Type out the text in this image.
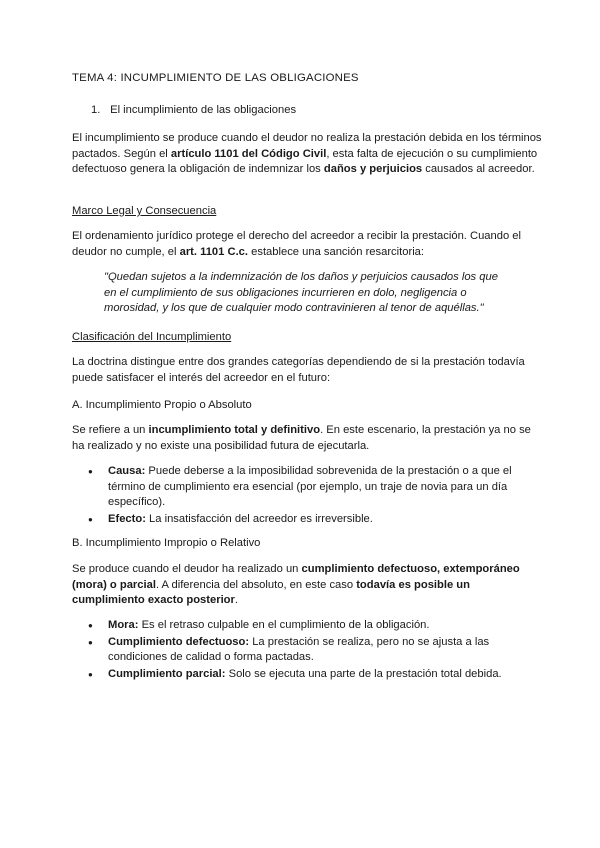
TEMA 4: INCUMPLIMIENTO DE LAS OBLIGACIONES

1. El incumplimiento de las obligaciones

El incumplimiento se produce cuando el deudor no realiza la prestación debida en los términos pactados. Según el artículo 1101 del Código Civil, esta falta de ejecución o su cumplimiento defectuoso genera la obligación de indemnizar los daños y perjuicios causados al acreedor.

Marco Legal y Consecuencia

El ordenamiento jurídico protege el derecho del acreedor a recibir la prestación. Cuando el deudor no cumple, el art. 1101 C.c. establece una sanción resarcitoria:

"Quedan sujetos a la indemnización de los daños y perjuicios causados los que en el cumplimiento de sus obligaciones incurrieren en dolo, negligencia o morosidad, y los que de cualquier modo contravinieren al tenor de aquéllas."

Clasificación del Incumplimiento

La doctrina distingue entre dos grandes categorías dependiendo de si la prestación todavía puede satisfacer el interés del acreedor en el futuro:

A. Incumplimiento Propio o Absoluto

Se refiere a un incumplimiento total y definitivo. En este escenario, la prestación ya no se ha realizado y no existe una posibilidad futura de ejecutarla.

● Causa: Puede deberse a la imposibilidad sobrevenida de la prestación o a que el término de cumplimiento era esencial (por ejemplo, un traje de novia para un día específico).
● Efecto: La insatisfacción del acreedor es irreversible.

B. Incumplimiento Impropio o Relativo

Se produce cuando el deudor ha realizado un cumplimiento defectuoso, extemporáneo (mora) o parcial. A diferencia del absoluto, en este caso todavía es posible un cumplimiento exacto posterior.

● Mora: Es el retraso culpable en el cumplimiento de la obligación.
● Cumplimiento defectuoso: La prestación se realiza, pero no se ajusta a las condiciones de calidad o forma pactadas.
● Cumplimiento parcial: Solo se ejecuta una parte de la prestación total debida.
